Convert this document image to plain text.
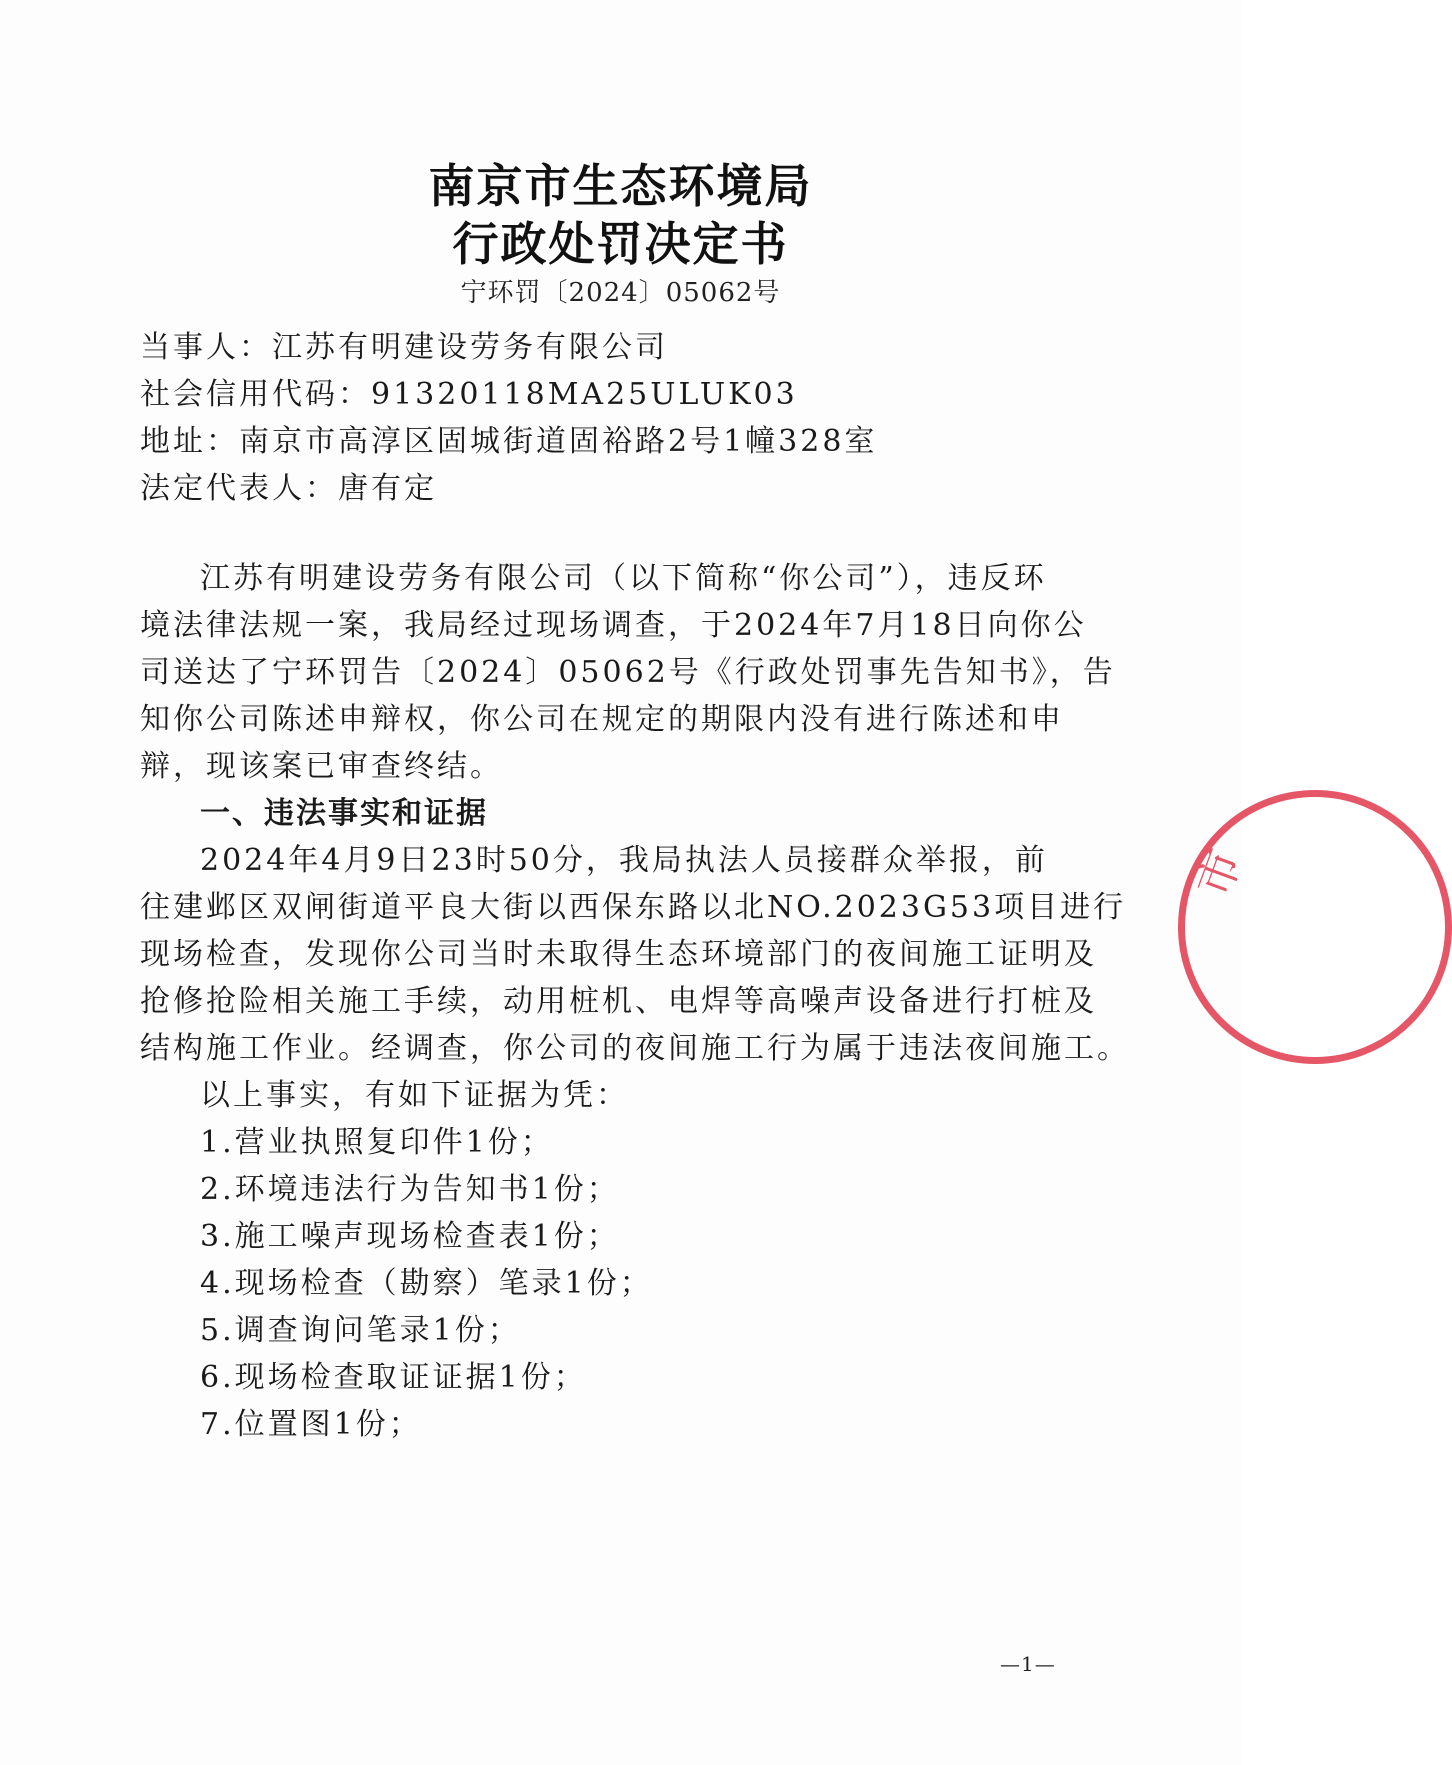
南京市生态环境局
行政处罚决定书
宁环罚〔2024〕05062号
当事人：江苏有明建设劳务有限公司
社会信用代码：91320118MA25ULUK03
地址：南京市高淳区固城街道固裕路2号1幢328室
法定代表人：唐有定
江苏有明建设劳务有限公司（以下简称“你公司”），违反环
境法律法规一案，我局经过现场调查，于2024年7月18日向你公
司送达了宁环罚告〔2024〕05062号《行政处罚事先告知书》，告
知你公司陈述申辩权，你公司在规定的期限内没有进行陈述和申
辩，现该案已审查终结。
一、违法事实和证据
2024年4月9日23时50分，我局执法人员接群众举报，前
往建邺区双闸街道平良大街以西保东路以北NO.2023G53项目进行
现场检查，发现你公司当时未取得生态环境部门的夜间施工证明及
抢修抢险相关施工手续，动用桩机、电焊等高噪声设备进行打桩及
结构施工作业。经调查，你公司的夜间施工行为属于违法夜间施工。
以上事实，有如下证据为凭：
1.营业执照复印件1份；
2.环境违法行为告知书1份；
3.施工噪声现场检查表1份；
4.现场检查（勘察）笔录1份；
5.调查询问笔录1份；
6.现场检查取证证据1份；
7.位置图1份；
—1—
市
